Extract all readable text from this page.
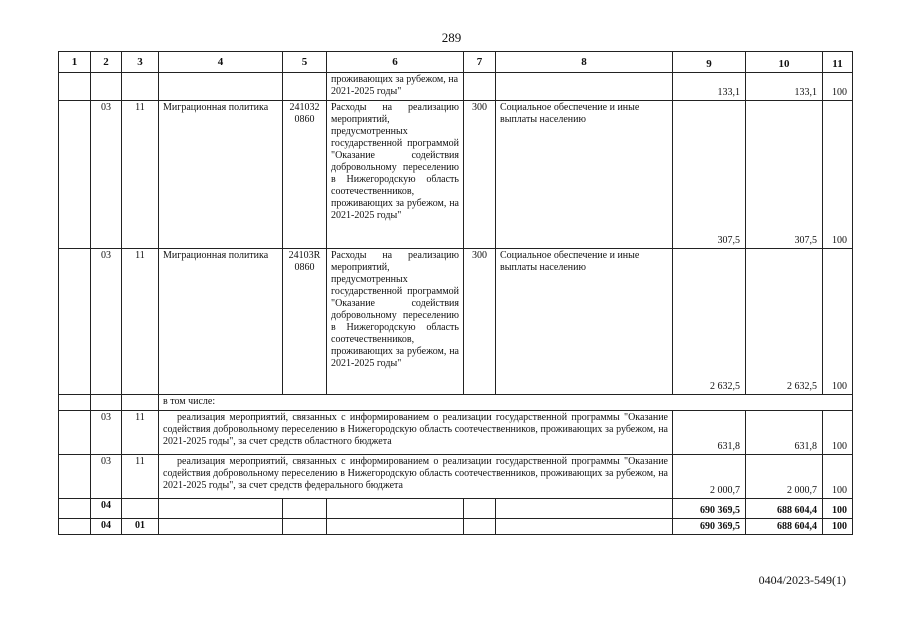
289
1	2	3	4	5	6	7	8	9	10	11
					проживающих за рубежом, на 2021-2025 годы"			133,1	133,1	100
	03	11	Миграционная политика	241032 0860	Расходы на реализацию мероприятий, предусмотренных государственной программой "Оказание содействия добровольному переселению в Нижегородскую область соотечественников, проживающих за рубежом, на 2021-2025 годы"	300	Социальное обеспечение и иные выплаты населению	307,5	307,5	100
	03	11	Миграционная политика	24103R 0860	Расходы на реализацию мероприятий, предусмотренных государственной программой "Оказание содействия добровольному переселению в Нижегородскую область соотечественников, проживающих за рубежом, на 2021-2025 годы"	300	Социальное обеспечение и иные выплаты населению	2 632,5	2 632,5	100
			в том числе:							
	03	11	реализация мероприятий, связанных с информированием о реализации государственной программы "Оказание содействия добровольному переселению в Нижегородскую область соотечественников, проживающих за рубежом, на 2021-2025 годы", за счет средств областного бюджета					631,8	631,8	100
	03	11	реализация мероприятий, связанных с информированием о реализации государственной программы "Оказание содействия добровольному переселению в Нижегородскую область соотечественников, проживающих за рубежом, на 2021-2025 годы", за счет средств федерального бюджета					2 000,7	2 000,7	100
	04							690 369,5	688 604,4	100
	04	01						690 369,5	688 604,4	100
0404/2023-549(1)
